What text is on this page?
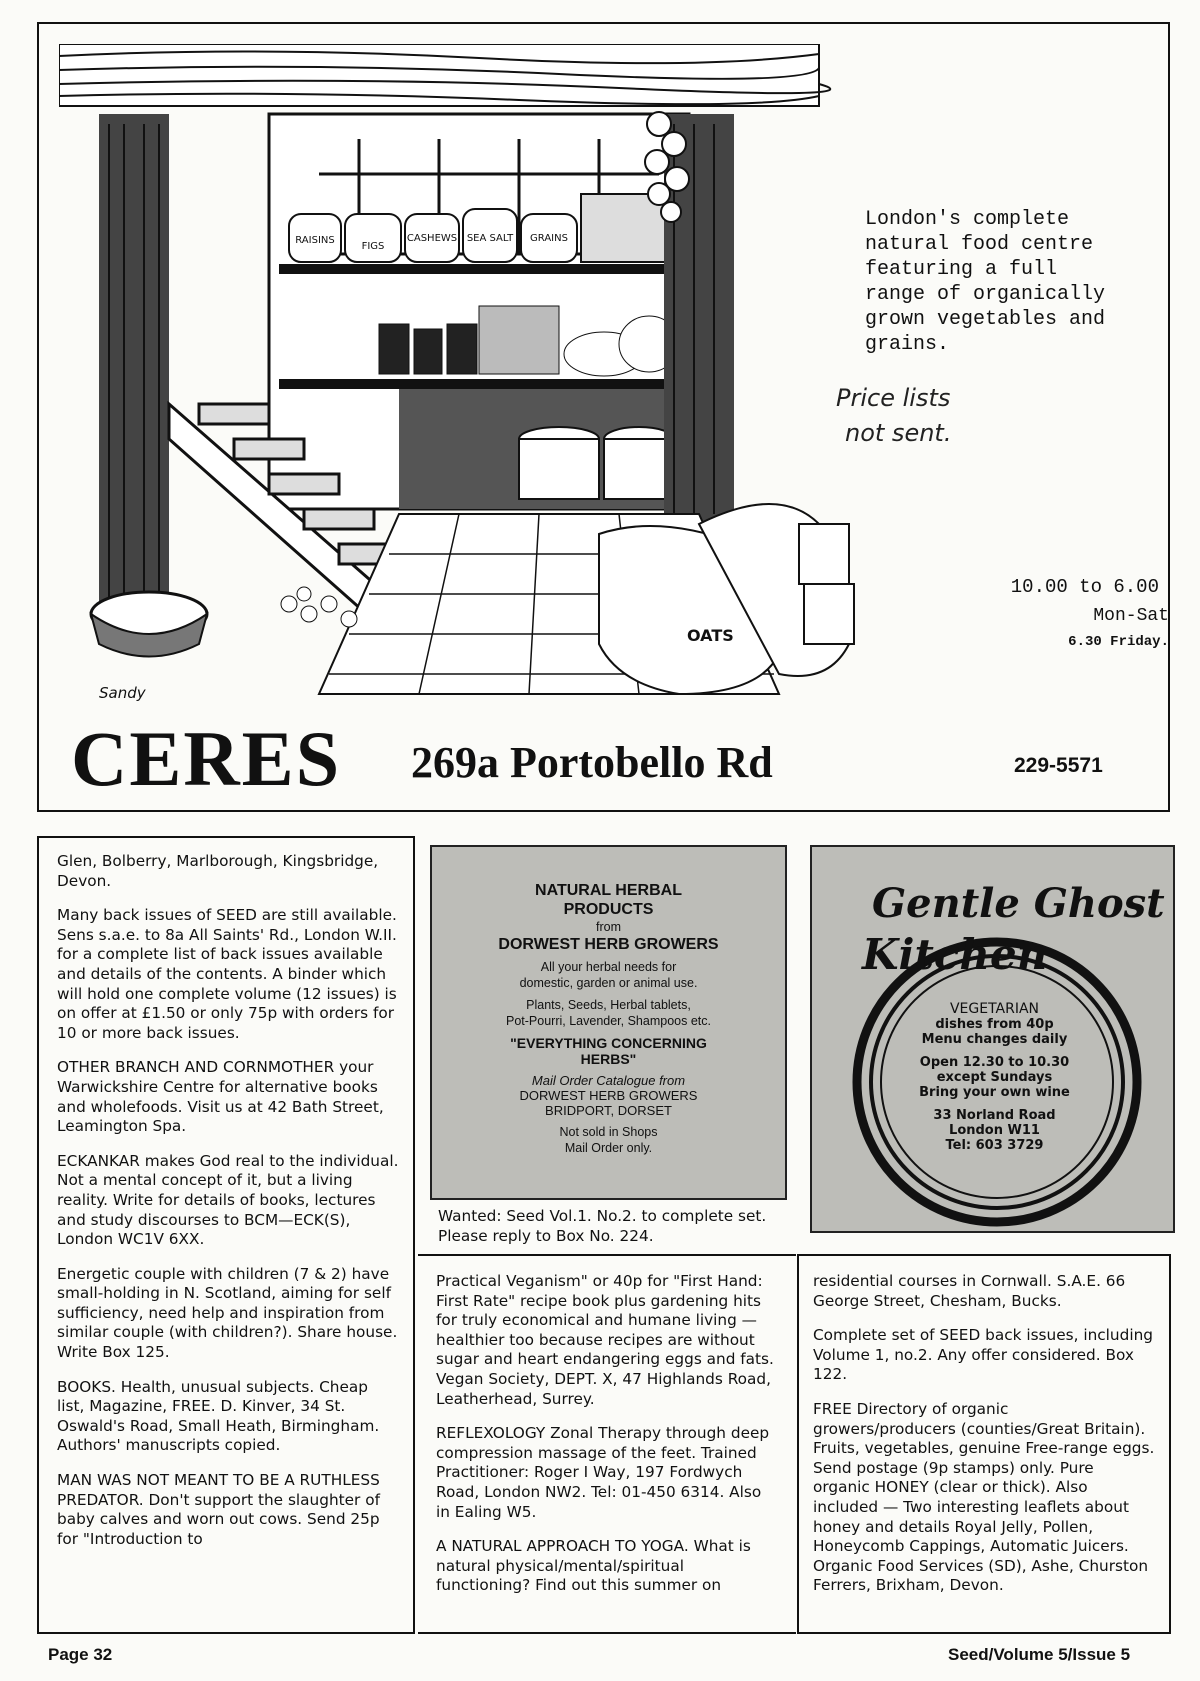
RAISINS
FIGS
CASHEWS SEA SALT GRAINS
OATS
Sandy

London's complete
natural food centre
featuring a full
range of organically
grown vegetables and
grains.

Price lists
not sent.
10.00 to 6.00
Mon-Sat
6.30 Friday.
CERES 269a Portobello Rd	229-5571

Glen, Bolberry, Marlborough, Kingsbridge, Devon.

Many back issues of SEED are still available. Sens s.a.e. to 8a All Saints' Rd., London W.II. for a complete list of back issues available and details of the contents. A binder which will hold one complete volume (12 issues) is on offer at £1.50 or only 75p with orders for 10 or more back issues.

OTHER BRANCH AND CORNMOTHER your Warwickshire Centre for alternative books and wholefoods. Visit us at 42 Bath Street, Leamington Spa.

ECKANKAR makes God real to the individual. Not a mental concept of it, but a living reality. Write for details of books, lectures and study discourses to BCM—ECK(S), London WC1V 6XX.

Energetic couple with children (7 & 2) have small-holding in N. Scotland, aiming for self sufficiency, need help and inspiration from similar couple (with children?). Share house. Write Box 125.

BOOKS. Health, unusual subjects. Cheap list, Magazine, FREE. D. Kinver, 34 St. Oswald's Road, Small Heath, Birmingham. Authors' manuscripts copied.

MAN WAS NOT MEANT TO BE A RUTHLESS PREDATOR. Don't support the slaughter of baby calves and worn out cows. Send 25p for "Introduction to

NATURAL HERBAL
PRODUCTS
from
DORWEST HERB GROWERS
All your herbal needs for
domestic, garden or animal use.
Plants, Seeds, Herbal tablets,
Pot-Pourri, Lavender, Shampoos etc.
"EVERYTHING CONCERNING
HERBS"
Mail Order Catalogue from
DORWEST HERB GROWERS
BRIDPORT, DORSET
Not sold in Shops
Mail Order only.

Wanted: Seed Vol.1. No.2. to complete set. Please reply to Box No. 224.

Gentle Ghost
Kitchen
VEGETARIAN
dishes from 40p
Menu changes daily
Open 12.30 to 10.30
except Sundays
Bring your own wine
33 Norland Road
London W11
Tel: 603 3729

Practical Veganism" or 40p for "First Hand: First Rate" recipe book plus gardening hits for truly economical and humane living — healthier too because recipes are without sugar and heart endangering eggs and fats. Vegan Society, DEPT. X, 47 Highlands Road, Leatherhead, Surrey.

REFLEXOLOGY Zonal Therapy through deep compression massage of the feet. Trained Practitioner: Roger I Way, 197 Fordwych Road, London NW2. Tel: 01-450 6314. Also in Ealing W5.

A NATURAL APPROACH TO YOGA. What is natural physical/mental/spiritual functioning? Find out this summer on

residential courses in Cornwall. S.A.E. 66 George Street, Chesham, Bucks.

Complete set of SEED back issues, including Volume 1, no.2. Any offer considered. Box 122.

FREE Directory of organic growers/producers (counties/Great Britain). Fruits, vegetables, genuine Free-range eggs. Send postage (9p stamps) only. Pure organic HONEY (clear or thick). Also included — Two interesting leaflets about honey and details Royal Jelly, Pollen, Honeycomb Cappings, Automatic Juicers. Organic Food Services (SD), Ashe, Churston Ferrers, Brixham, Devon.

Page 32	Seed/Volume 5/Issue 5
